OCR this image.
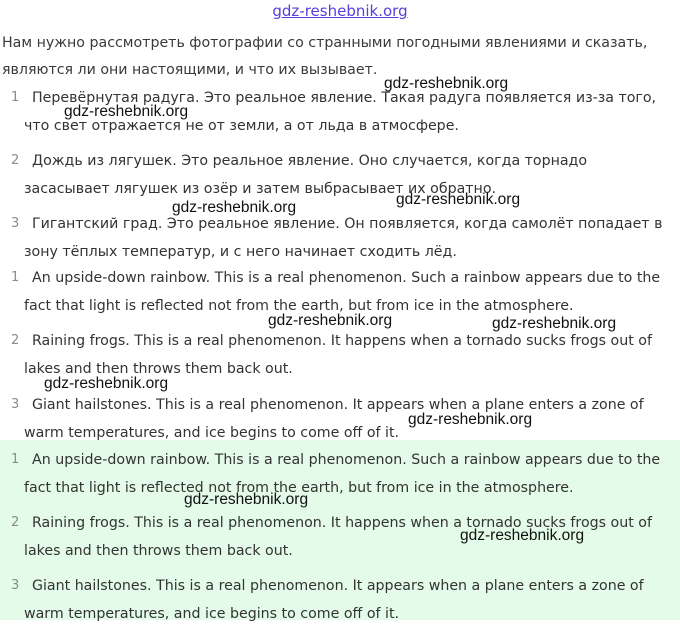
gdz-reshebnik.org

Нам нужно рассмотреть фотографии со странными погодными явлениями и сказать, являются ли они настоящими, и что их вызывает.

1 Перевёрнутая радуга. Это реальное явление. Такая радуга появляется из-за того, что свет отражается не от земли, а от льда в атмосфере.
2 Дождь из лягушек. Это реальное явление. Оно случается, когда торнадо засасывает лягушек из озёр и затем выбрасывает их обратно.
3 Гигантский град. Это реальное явление. Он появляется, когда самолёт попадает в зону тёплых температур, и с него начинает сходить лёд.
1 An upside-down rainbow. This is a real phenomenon. Such a rainbow appears due to the fact that light is reflected not from the earth, but from ice in the atmosphere.
2 Raining frogs. This is a real phenomenon. It happens when a tornado sucks frogs out of lakes and then throws them back out.
3 Giant hailstones. This is a real phenomenon. It appears when a plane enters a zone of warm temperatures, and ice begins to come off of it.
1 An upside-down rainbow. This is a real phenomenon. Such a rainbow appears due to the fact that light is reflected not from the earth, but from ice in the atmosphere.
2 Raining frogs. This is a real phenomenon. It happens when a tornado sucks frogs out of lakes and then throws them back out.
3 Giant hailstones. This is a real phenomenon. It appears when a plane enters a zone of warm temperatures, and ice begins to come off of it.
gdz-reshebnik.org
gdz-reshebnik.org
gdz-reshebnik.org
gdz-reshebnik.org
gdz-reshebnik.org	gdz-reshebnik.org
gdz-reshebnik.org
gdz-reshebnik.org
gdz-reshebnik.org
gdz-reshebnik.org
